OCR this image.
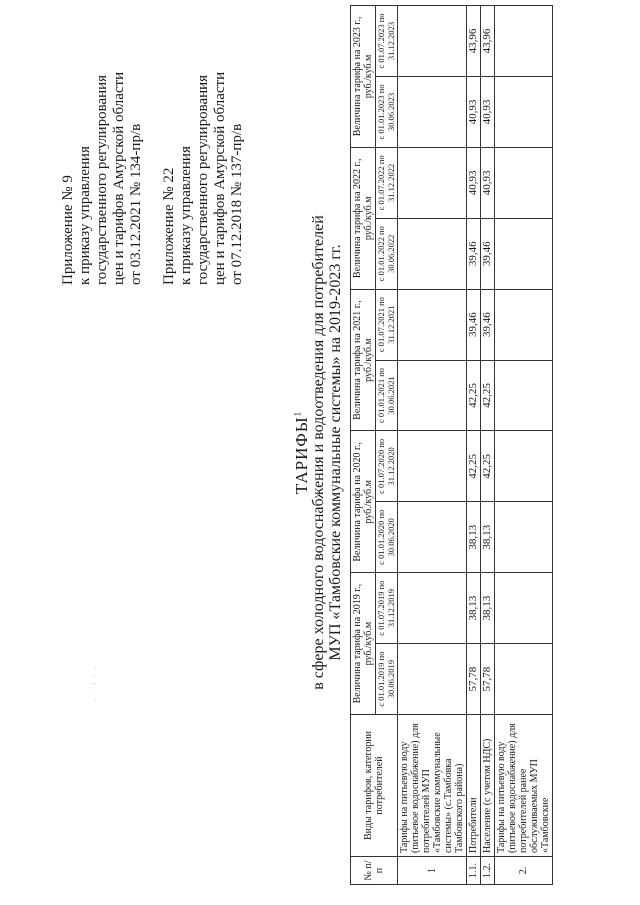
Приложение № 9 к приказу управления государственного регулирования цен и тарифов Амурской области от 03.12.2021 № 134-пр/в Приложение № 22 к приказу управления государственного регулирования цен и тарифов Амурской области от 07.12.2018 № 137-пр/в
. · : · .
ТАРИФЫ$^1$ в сфере холодного водоснабжения и водоотведения для потребителей МУП «Тамбовские коммунальные системы» на 2019-2023 гг.
№ п/п	Виды тарифов, категории потребителей	Величина тарифа на 2019 г., руб./куб.м		Величина тарифа на 2020 г., руб./куб.м		Величина тарифа на 2021 г., руб./куб.м		Величина тарифа на 2022 г., руб./куб.м		Величина тарифа на 2023 г., руб./куб.м	
		с 01.01.2019 по 30.06.2019	с 01.07.2019 по 31.12.2019	с 01.01.2020 по 30.06.2020	с 01.07.2020 по 31.12.2020	с 01.01.2021 по 30.06.2021	с 01.07.2021 по 31.12.2021	с 01.01.2022 по 30.06.2022	с 01.07.2022 по 31.12.2022	с 01.01.2023 по 30.06.2023	с 01.07.2023 по 31.12.2023
1	Тарифы на питьевую воду (питьевое водоснабжение) для потребителей МУП «Тамбовские коммунальные системы» (с.Тамбовка Тамбовского района)										
1.1.	Потребители	57,78	38,13	38,13	42,25	42,25	39,46	39,46	40,93	40,93	43,96
1.2.	Население (с учетом НДС)	57,78	38,13	38,13	42,25	42,25	39,46	39,46	40,93	40,93	43,96
2.	Тарифы на питьевую воду (питьевое водоснабжение) для потребителей ранее обслуживаемых МУП «Тамбовские										
